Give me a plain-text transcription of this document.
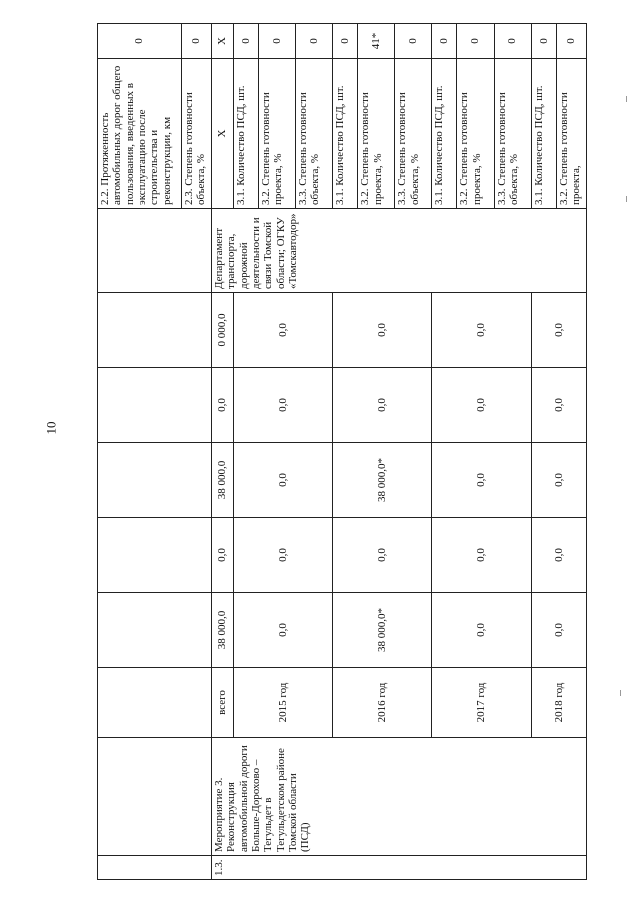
10
									2.2. Протяженность автомобильных дорог общего пользования, введенных в эксплуатацию после строительства и реконструкции, км	0
									2.3. Степень готовности объекта, %	0
1.3.	Мероприятие 3. Реконструкция автомобильной дороги Больше-Дорохово – Тегульдет в Тегульдетском районе Томской области (ПСД)	всего	38 000,0	0,0	38 000,0	0,0	0 000,0	Департамент транспорта, дорожной деятельности и связи Томской области; ОГКУ «Томскавтодор»	Х	Х
		2015 год	0,0	0,0	0,0	0,0	0,0		3.1. Количество ПСД, шт.	0
									3.2. Степень готовности проекта, %	0
									3.3. Степень готовности объекта, %	0
		2016 год	38 000,0*	0,0	38 000,0*	0,0	0,0		3.1. Количество ПСД, шт.	0
									3.2. Степень готовности проекта, %	41*
									3.3. Степень готовности объекта, %	0
		2017 год	0,0	0,0	0,0	0,0	0,0		3.1. Количество ПСД, шт.	0
									3.2. Степень готовности проекта, %	0
									3.3. Степень готовности объекта, %	0
		2018 год	0,0	0,0	0,0	0,0	0,0		3.1. Количество ПСД, шт.	0
									3.2. Степень готовности проекта,	0
